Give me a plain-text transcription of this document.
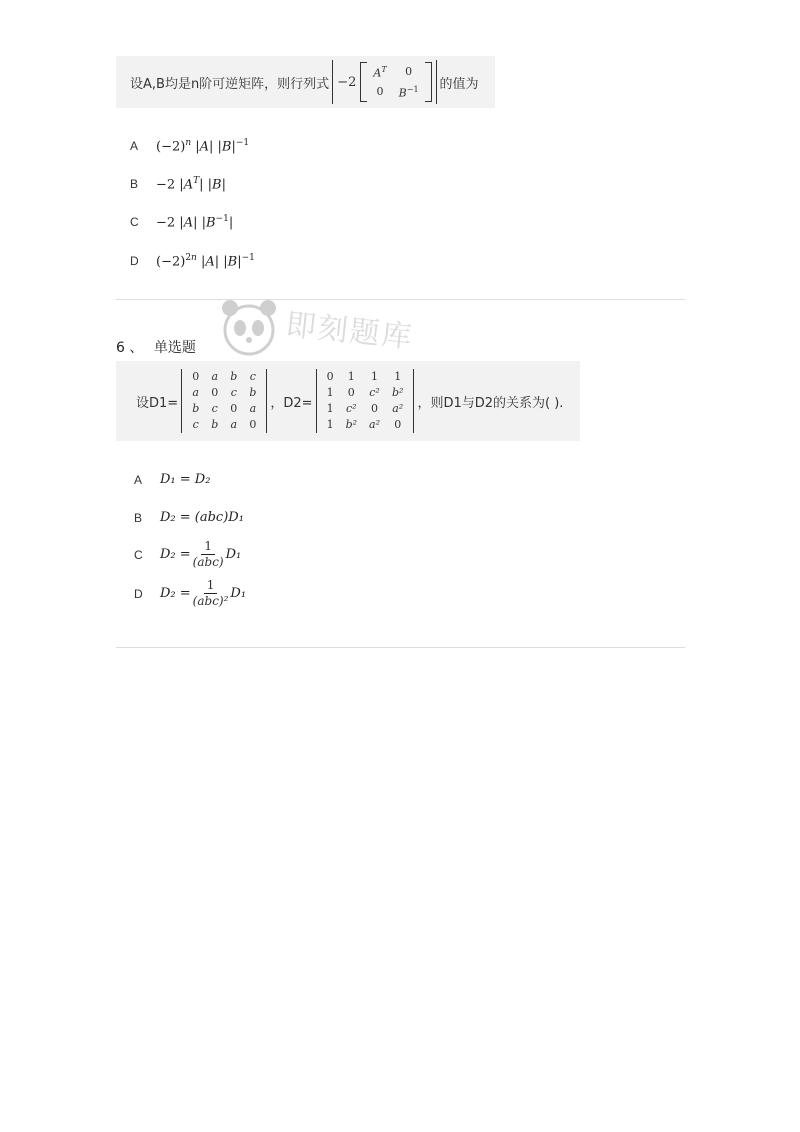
设A,B均是n阶可逆矩阵，则行列式 −2
$A^T$	0
0	$B^{-1}$ 的值为
A	$(-2)^n$ |A| $|B|^{-1}$
B	−2 $|A^T|$ |B|
C	−2 |A| $|B^{-1}|$
D	$(-2)^{2n}$ |A| $|B|^{-1}$
即刻题库
6 、 单选题
设D1=
0	a	b	c
a	0	c	b
b	c	0	a
c	b	a	0
，D2=
0	1	1	1
1	0	c²	b²
1	c²	0	a²
1	b²	a²	0
，则D1与D2的关系为( ).
A	D₁ = D₂
B	D₂ = (abc)D₁
C	$D_2 = \frac{1}{\text{(abc)}} D_1$
D	$D_2 = \frac{1}{\text{(abc)²}} D_1$
